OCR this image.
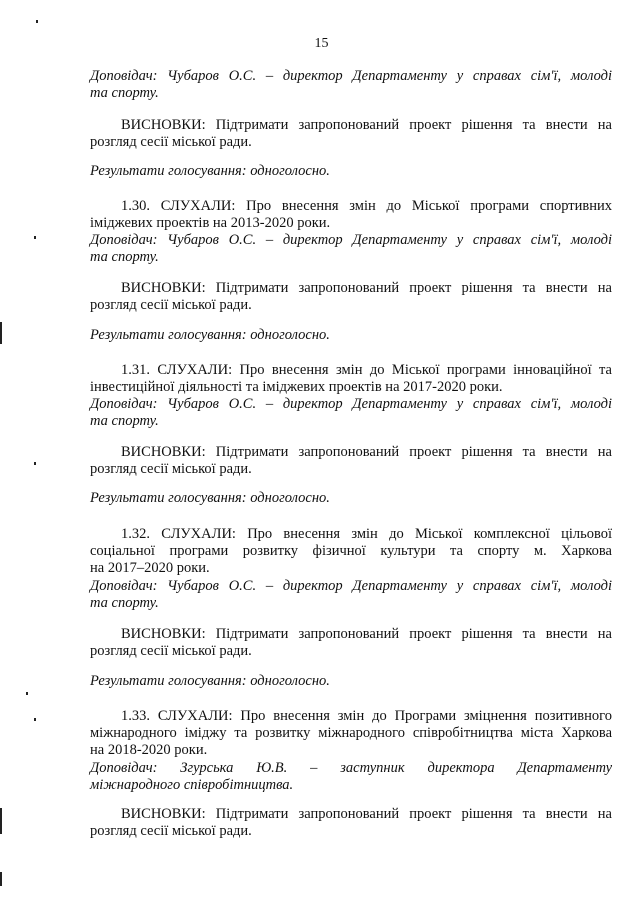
15
Доповідач: Чубаров О.С. – директор Департаменту у справах сім'ї, молоді
та спорту.
ВИСНОВКИ: Підтримати запропонований проект рішення та внести на
розгляд сесії міської ради.
Результати голосування: одноголосно.
1.30. СЛУХАЛИ: Про внесення змін до Міської програми спортивних
іміджевих проектів на 2013-2020 роки.
Доповідач: Чубаров О.С. – директор Департаменту у справах сім'ї, молоді
та спорту.
ВИСНОВКИ: Підтримати запропонований проект рішення та внести на
розгляд сесії міської ради.
Результати голосування: одноголосно.
1.31. СЛУХАЛИ: Про внесення змін до Міської програми інноваційної та
інвестиційної діяльності та іміджевих проектів на 2017-2020 роки.
Доповідач: Чубаров О.С. – директор Департаменту у справах сім'ї, молоді
та спорту.
ВИСНОВКИ: Підтримати запропонований проект рішення та внести на
розгляд сесії міської ради.
Результати голосування: одноголосно.
1.32. СЛУХАЛИ: Про внесення змін до Міської комплексної цільової
соціальної програми розвитку фізичної культури та спорту м. Харкова
на 2017–2020 роки.
Доповідач: Чубаров О.С. – директор Департаменту у справах сім'ї, молоді
та спорту.
ВИСНОВКИ: Підтримати запропонований проект рішення та внести на
розгляд сесії міської ради.
Результати голосування: одноголосно.
1.33. СЛУХАЛИ: Про внесення змін до Програми зміцнення позитивного
міжнародного іміджу та розвитку міжнародного співробітництва міста Харкова
на 2018-2020 роки.
Доповідач: Згурська Ю.В. – заступник директора Департаменту
міжнародного співробітництва.
ВИСНОВКИ: Підтримати запропонований проект рішення та внести на
розгляд сесії міської ради.
